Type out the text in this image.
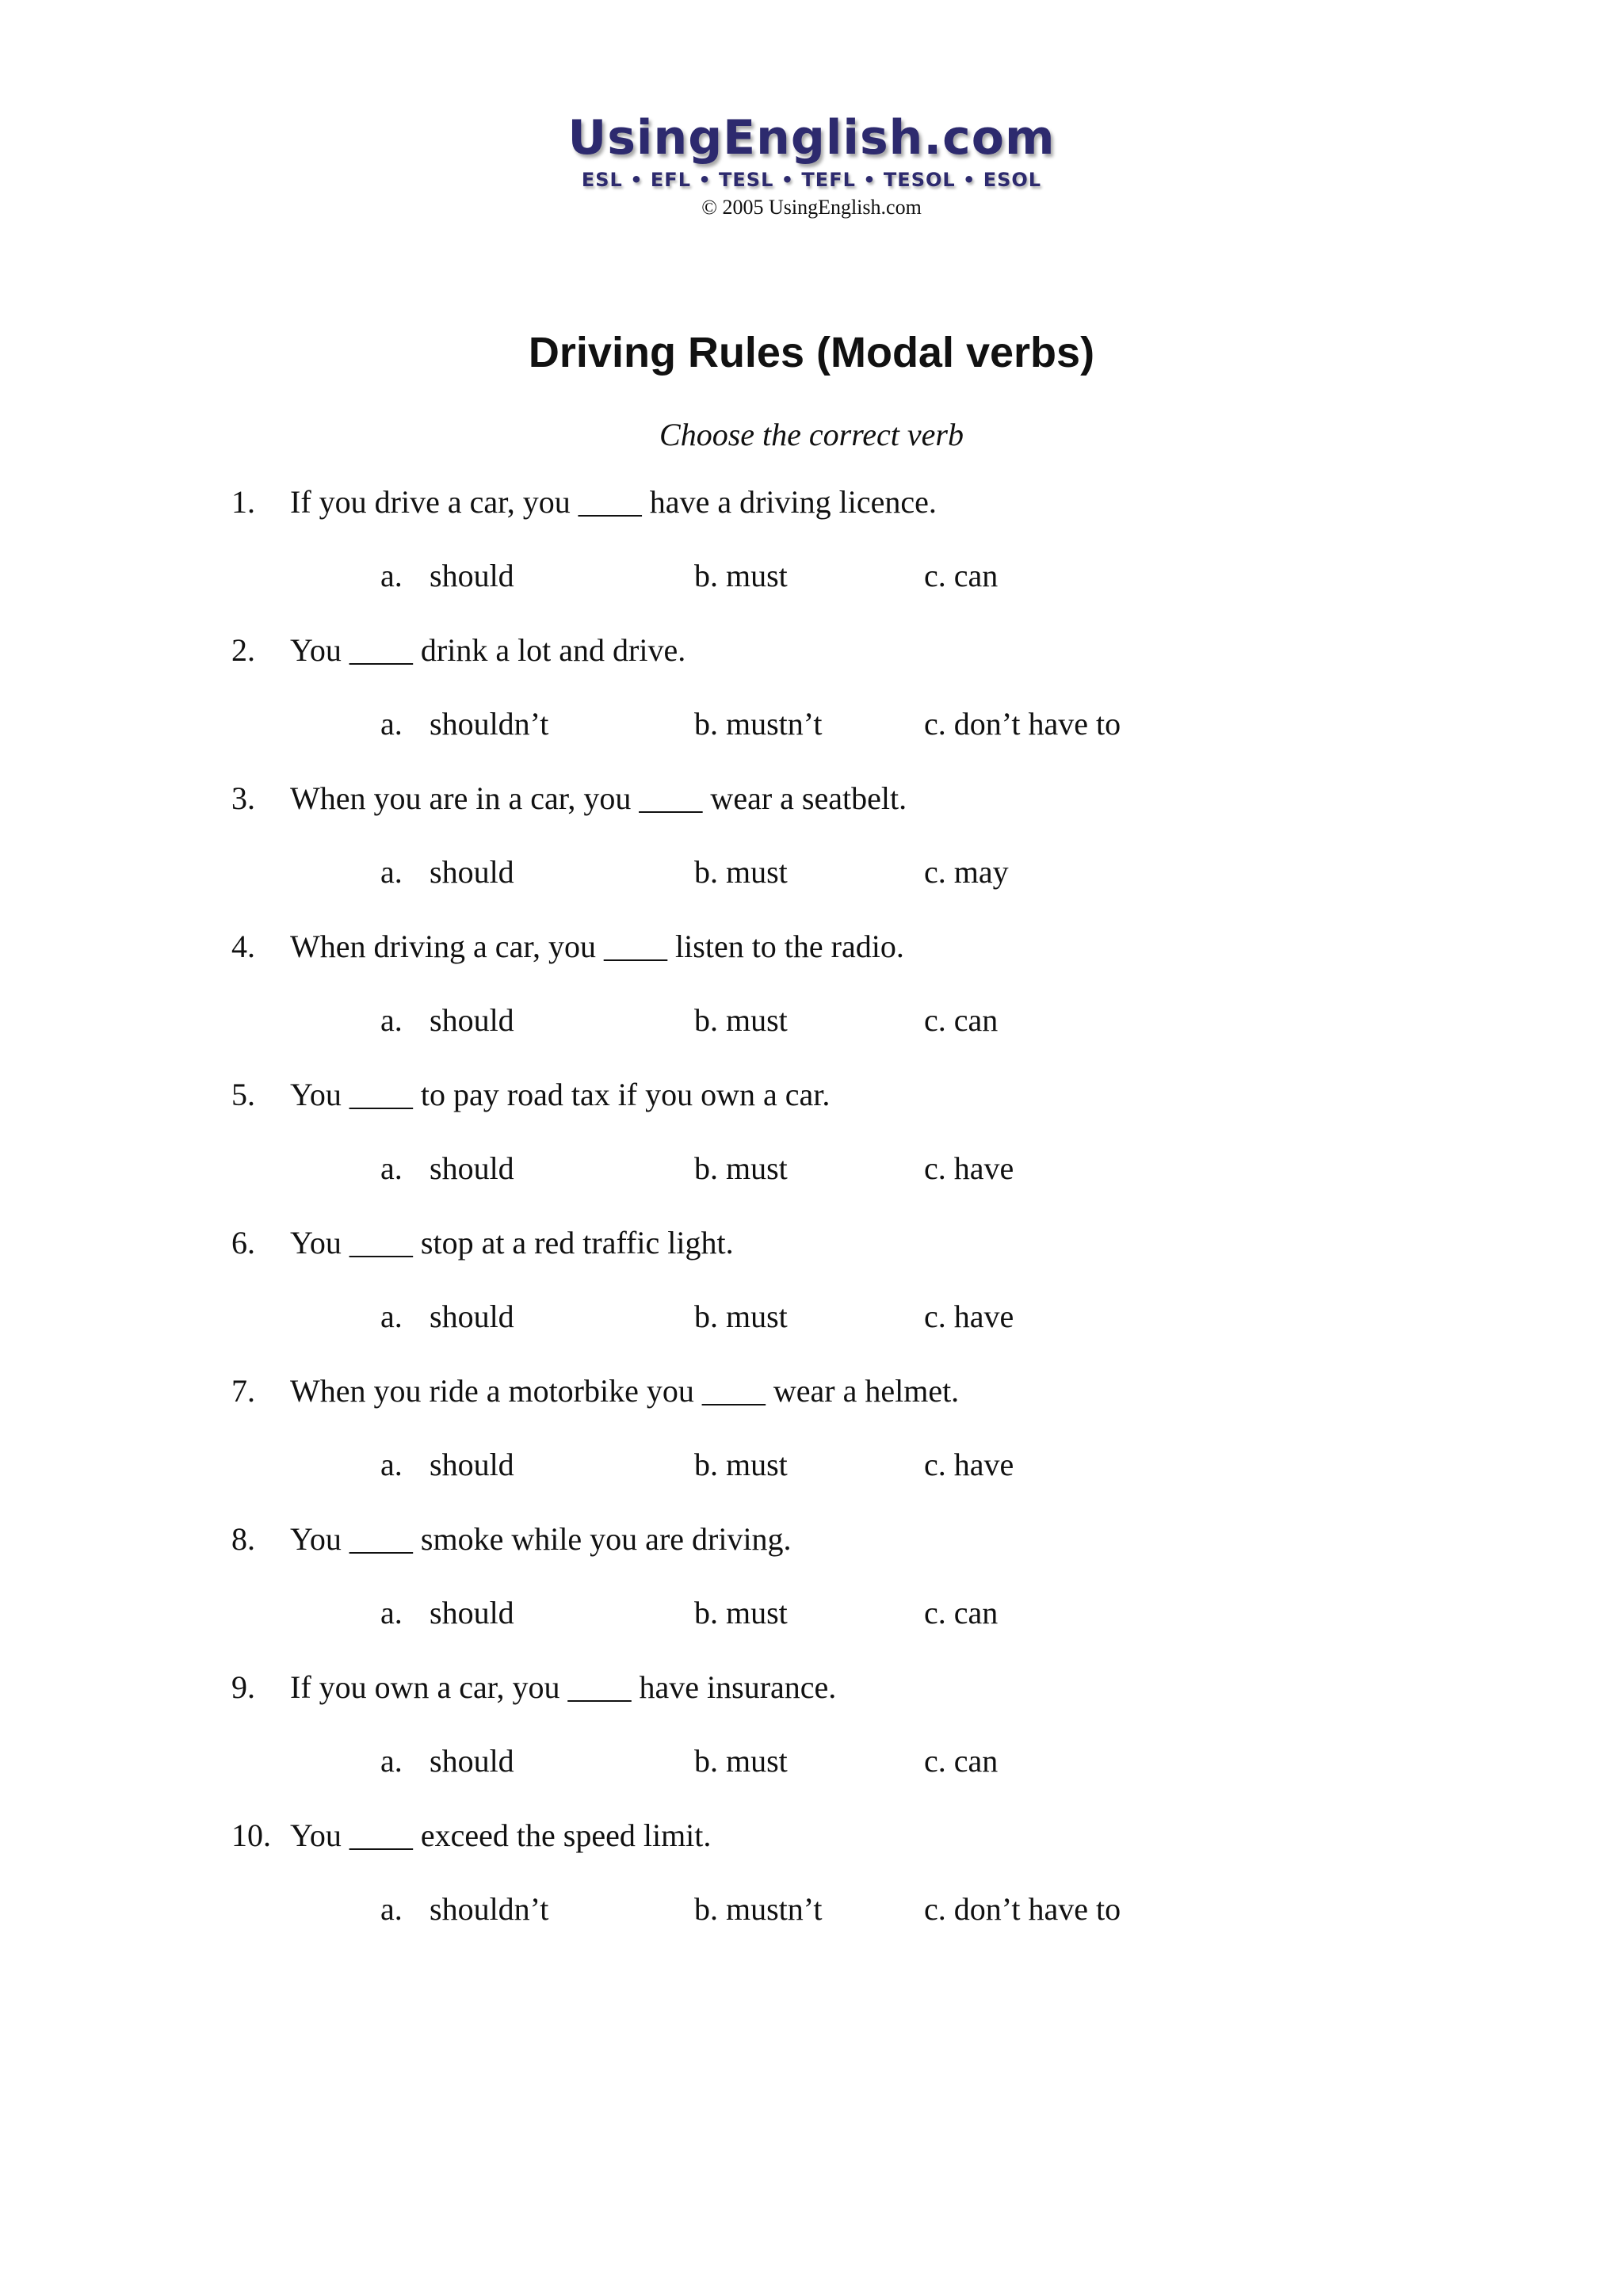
UsingEnglish.com
ESL • EFL • TESL • TEFL • TESOL • ESOL
© 2005 UsingEnglish.com
Driving Rules (Modal verbs)
Choose the correct verb
1. If you drive a car, you ____ have a driving licence.
a. should	b. must	c. can
2. You ____ drink a lot and drive.
a. shouldn’t	b. mustn’t	c. don’t have to
3. When you are in a car, you ____ wear a seatbelt.
a. should	b. must	c. may
4. When driving a car, you ____ listen to the radio.
a. should	b. must	c. can
5. You ____ to pay road tax if you own a car.
a. should	b. must	c. have
6. You ____ stop at a red traffic light.
a. should	b. must	c. have
7. When you ride a motorbike you ____ wear a helmet.
a. should	b. must	c. have
8. You ____ smoke while you are driving.
a. should	b. must	c. can
9. If you own a car, you ____ have insurance.
a. should	b. must	c. can
10. You ____ exceed the speed limit.
a. shouldn’t	b. mustn’t	c. don’t have to
